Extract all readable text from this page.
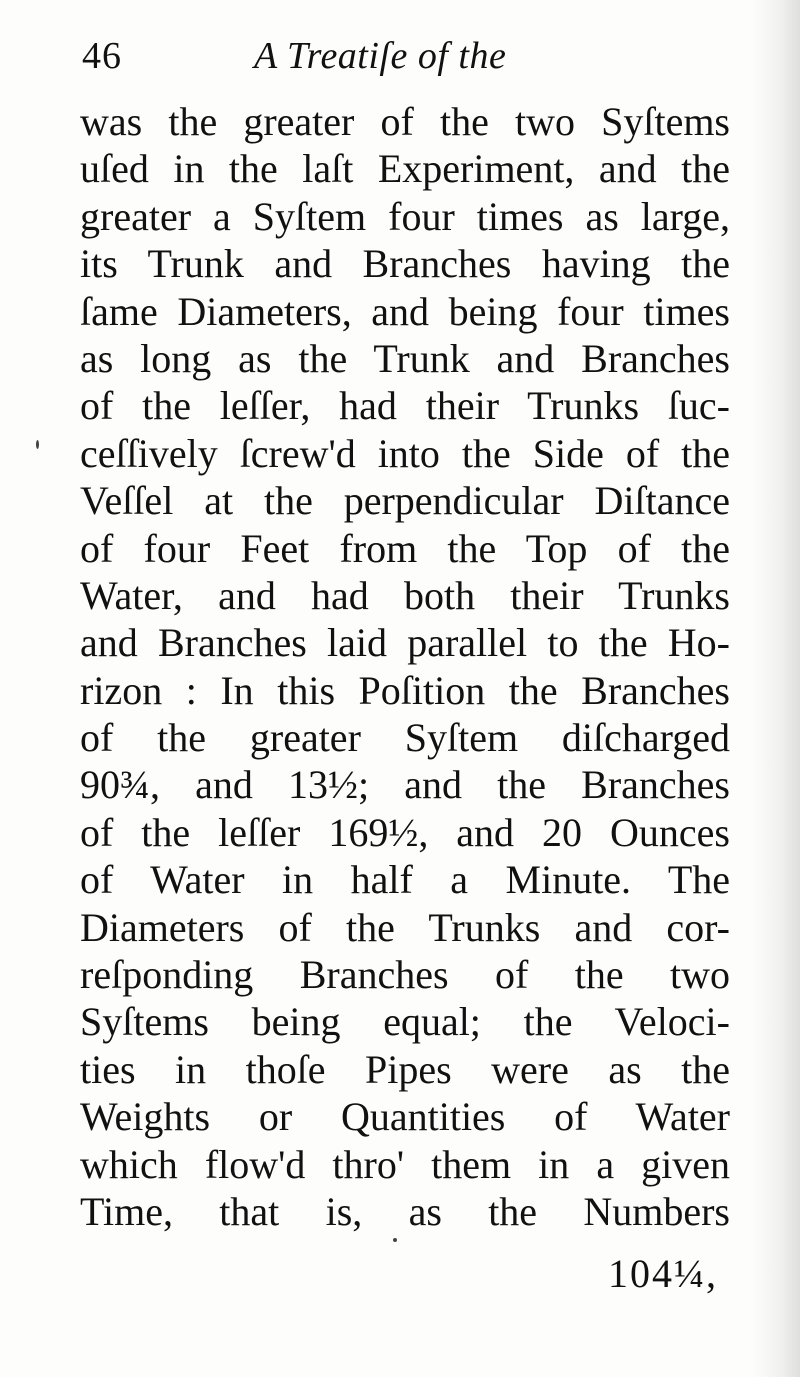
46	A Treatiſe of the
was the greater of the two Syſtems
uſed in the laſt Experiment, and the
greater a Syſtem four times as large,
its Trunk and Branches having the
ſame Diameters, and being four times
as long as the Trunk and Branches
of the leſſer, had their Trunks ſuc-
ceſſively ſcrew'd into the Side of the
Veſſel at the perpendicular Diſtance
of four Feet from the Top of the
Water, and had both their Trunks
and Branches laid parallel to the Ho-
rizon : In this Poſition the Branches
of the greater Syſtem diſcharged
90¾, and 13½; and the Branches
of the leſſer 169½, and 20 Ounces
of Water in half a Minute. The
Diameters of the Trunks and cor-
reſponding Branches of the two
Syſtems being equal; the Veloci-
ties in thoſe Pipes were as the
Weights or Quantities of Water
which flow'd thro' them in a given
Time, that is, as the Numbers
104¼,
